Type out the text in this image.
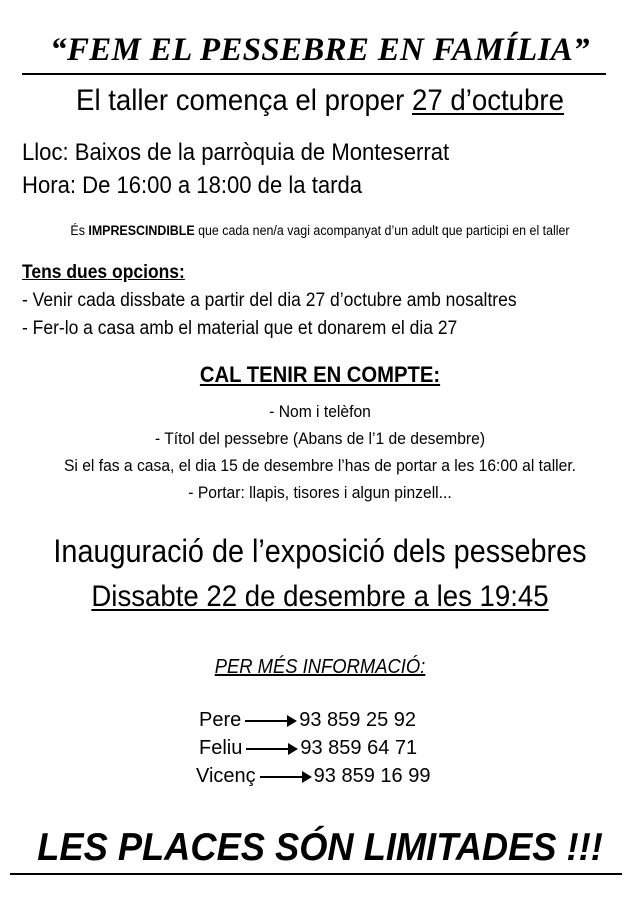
“FEM EL PESSEBRE EN FAMÍLIA”
El taller comença el proper 27 d’octubre
Lloc: Baixos de la parròquia de Monteserrat
Hora: De 16:00 a 18:00 de la tarda
És IMPRESCINDIBLE que cada nen/a vagi acompanyat d’un adult que participi en el taller
Tens dues opcions:
- Venir cada dissbate a partir del dia 27 d’octubre amb nosaltres
- Fer-lo a casa amb el material que et donarem el dia 27
CAL TENIR EN COMPTE:
- Nom i telèfon
- Títol del pessebre (Abans de l’1 de desembre)
Si el fas a casa, el dia 15 de desembre l’has de portar a les 16:00 al taller.
- Portar: llapis, tisores i algun pinzell...
Inauguració de l’exposició dels pessebres
Dissabte 22 de desembre a les 19:45
PER MÉS INFORMACIÓ:
Pere	93 859 25 92
Feliu	93 859 64 71
Vicenç	93 859 16 99
LES PLACES SÓN LIMITADES !!!
